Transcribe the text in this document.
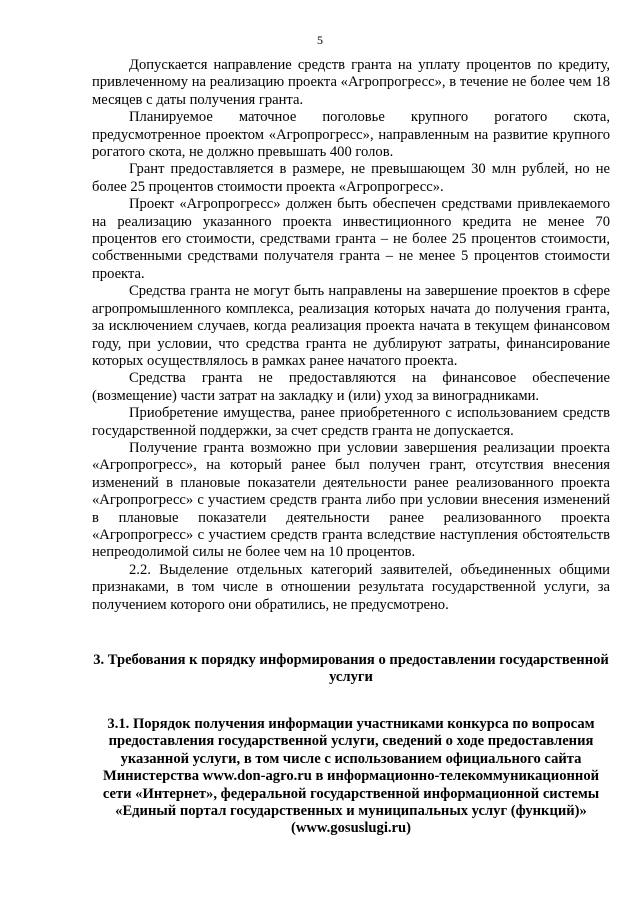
5

Допускается направление средств гранта на уплату процентов по кредиту, привлеченному на реализацию проекта «Агропрогресс», в течение не более чем 18 месяцев с даты получения гранта.

Планируемое маточное поголовье крупного рогатого скота, предусмотренное проектом «Агропрогресс», направленным на развитие крупного рогатого скота, не должно превышать 400 голов.

Грант предоставляется в размере, не превышающем 30 млн рублей, но не более 25 процентов стоимости проекта «Агропрогресс».

Проект «Агропрогресс» должен быть обеспечен средствами привлекаемого на реализацию указанного проекта инвестиционного кредита не менее 70 процентов его стоимости, средствами гранта – не более 25 процентов стоимости, собственными средствами получателя гранта – не менее 5 процентов стоимости проекта.

Средства гранта не могут быть направлены на завершение проектов в сфере агропромышленного комплекса, реализация которых начата до получения гранта, за исключением случаев, когда реализация проекта начата в текущем финансовом году, при условии, что средства гранта не дублируют затраты, финансирование которых осуществлялось в рамках ранее начатого проекта.

Средства гранта не предоставляются на финансовое обеспечение (возмещение) части затрат на закладку и (или) уход за виноградниками.

Приобретение имущества, ранее приобретенного с использованием средств государственной поддержки, за счет средств гранта не допускается.

Получение гранта возможно при условии завершения реализации проекта «Агропрогресс», на который ранее был получен грант, отсутствия внесения изменений в плановые показатели деятельности ранее реализованного проекта «Агропрогресс» с участием средств гранта либо при условии внесения изменений в плановые показатели деятельности ранее реализованного проекта «Агропрогресс» с участием средств гранта вследствие наступления обстоятельств непреодолимой силы не более чем на 10 процентов.

2.2. Выделение отдельных категорий заявителей, объединенных общими признаками, в том числе в отношении результата государственной услуги, за получением которого они обратились, не предусмотрено.

3. Требования к порядку информирования о предоставлении государственной услуги

3.1. Порядок получения информации участниками конкурса по вопросам предоставления государственной услуги, сведений о ходе предоставления указанной услуги, в том числе с использованием официального сайта Министерства www.don-agro.ru в информационно-телекоммуникационной сети «Интернет», федеральной государственной информационной системы «Единый портал государственных и муниципальных услуг (функций)» (www.gosuslugi.ru)
